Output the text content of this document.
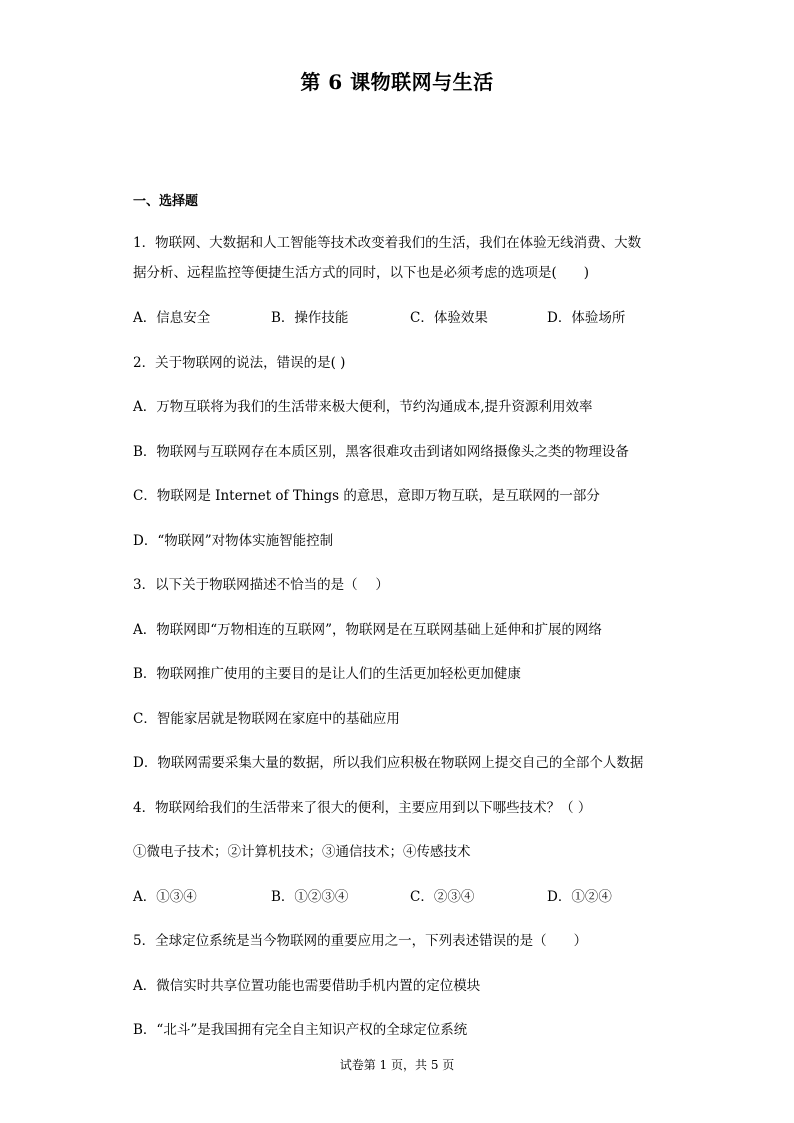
第 6 课物联网与生活
一、选择题
1．物联网、大数据和人工智能等技术改变着我们的生活，我们在体验无线消费、大数
据分析、远程监控等便捷生活方式的同时，以下也是必须考虑的选项是(　　)
A．信息安全	B．操作技能	C．体验效果	D．体验场所
2．关于物联网的说法，错误的是( )
A．万物互联将为我们的生活带来极大便利，节约沟通成本,提升资源利用效率
B．物联网与互联网存在本质区别，黑客很难攻击到诸如网络摄像头之类的物理设备
C．物联网是 Internet of Things 的意思，意即万物互联，是互联网的一部分
D．“物联网”对物体实施智能控制
3．以下关于物联网描述不恰当的是（　 ）
A．物联网即“万物相连的互联网”，物联网是在互联网基础上延伸和扩展的网络
B．物联网推广使用的主要目的是让人们的生活更加轻松更加健康
C．智能家居就是物联网在家庭中的基础应用
D．物联网需要采集大量的数据，所以我们应积极在物联网上提交自己的全部个人数据
4．物联网给我们的生活带来了很大的便利，主要应用到以下哪些技术？（ ）
①微电子技术；②计算机技术；③通信技术；④传感技术
A．①③④	B．①②③④	C．②③④	D．①②④
5．全球定位系统是当今物联网的重要应用之一，下列表述错误的是（　　）
A．微信实时共享位置功能也需要借助手机内置的定位模块
B．“北斗”是我国拥有完全自主知识产权的全球定位系统
试卷第 1 页，共 5 页
